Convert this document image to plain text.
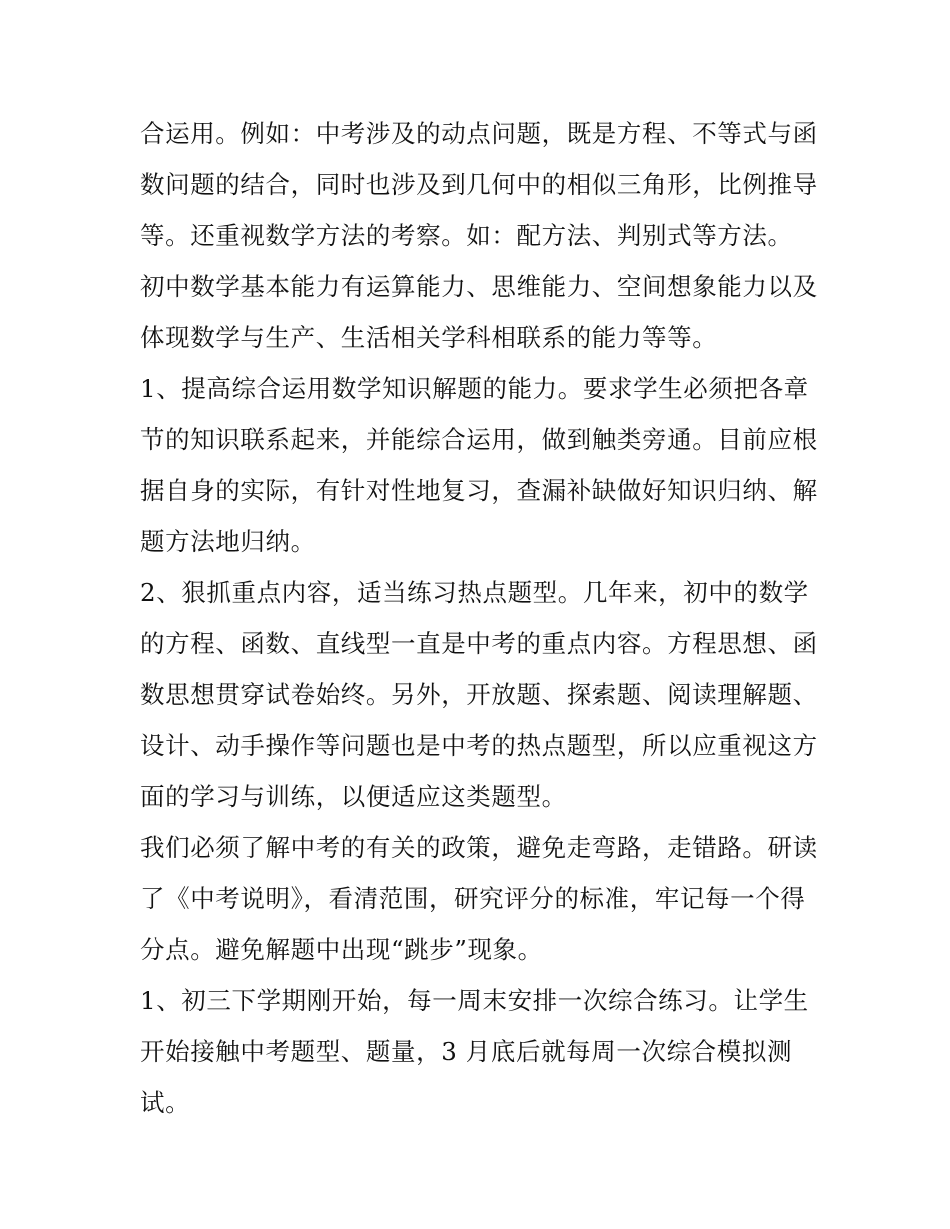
合运用。例如：中考涉及的动点问题，既是方程、不等式与函
数问题的结合，同时也涉及到几何中的相似三角形，比例推导
等。还重视数学方法的考察。如：配方法、判别式等方法。
初中数学基本能力有运算能力、思维能力、空间想象能力以及
体现数学与生产、生活相关学科相联系的能力等等。
1、提高综合运用数学知识解题的能力。要求学生必须把各章
节的知识联系起来，并能综合运用，做到触类旁通。目前应根
据自身的实际，有针对性地复习，查漏补缺做好知识归纳、解
题方法地归纳。
2、狠抓重点内容，适当练习热点题型。几年来，初中的数学
的方程、函数、直线型一直是中考的重点内容。方程思想、函
数思想贯穿试卷始终。另外，开放题、探索题、阅读理解题、
设计、动手操作等问题也是中考的热点题型，所以应重视这方
面的学习与训练，以便适应这类题型。
我们必须了解中考的有关的政策，避免走弯路，走错路。研读
了《中考说明》，看清范围，研究评分的标准，牢记每一个得
分点。避免解题中出现“跳步”现象。
1、初三下学期刚开始，每一周末安排一次综合练习。让学生
开始接触中考题型、题量，3 月底后就每周一次综合模拟测
试。
